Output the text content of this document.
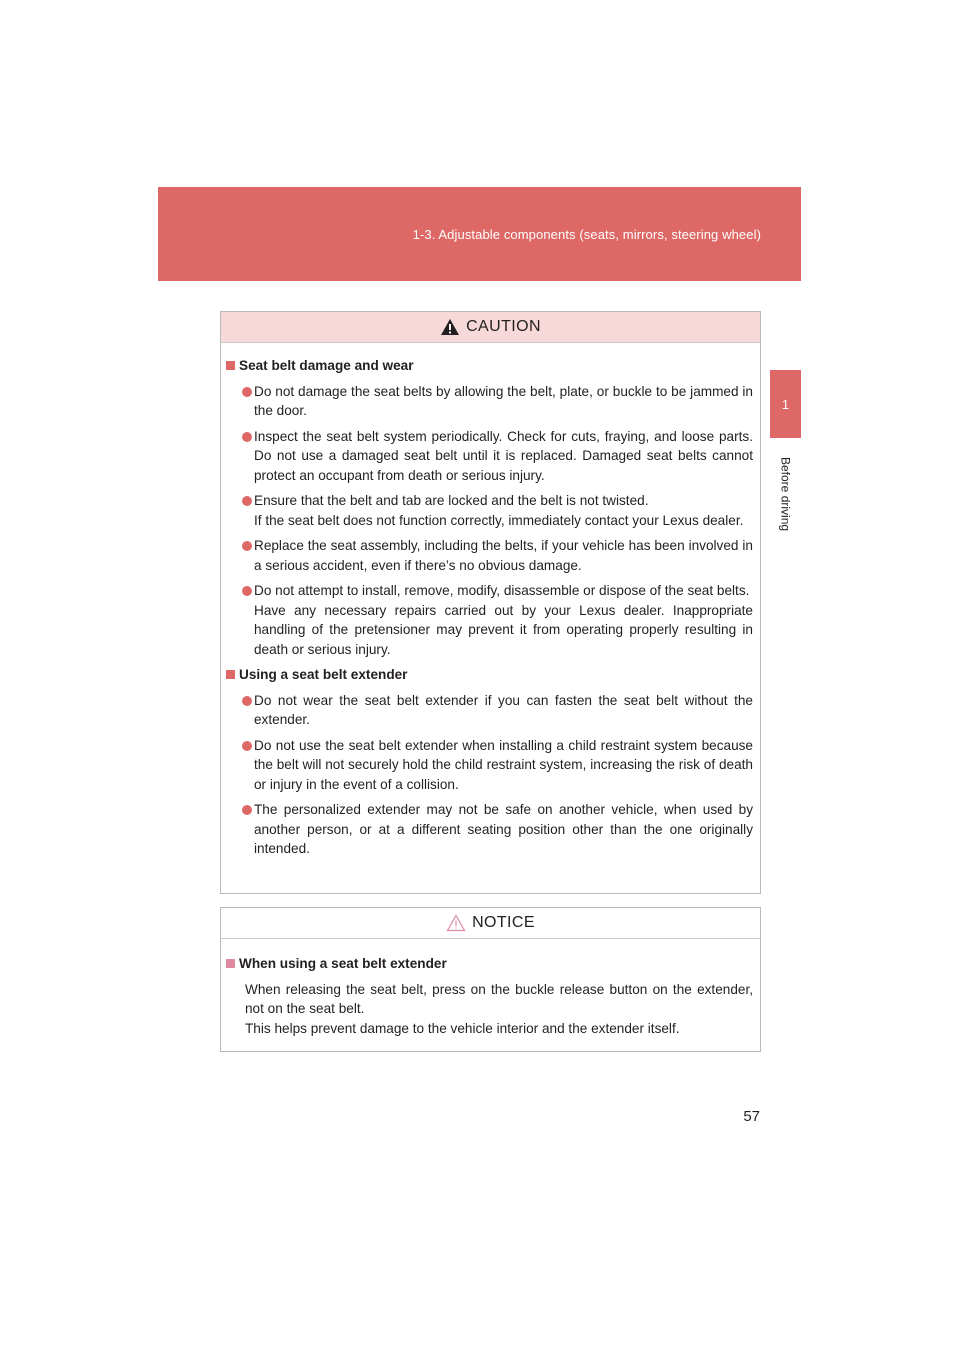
1-3. Adjustable components (seats, mirrors, steering wheel)
1
Before driving
CAUTION
Seat belt damage and wear
Do not damage the seat belts by allowing the belt, plate, or buckle to be jammed in the door.
Inspect the seat belt system periodically. Check for cuts, fraying, and loose parts. Do not use a damaged seat belt until it is replaced. Damaged seat belts cannot protect an occupant from death or serious injury.
Ensure that the belt and tab are locked and the belt is not twisted.
If the seat belt does not function correctly, immediately contact your Lexus dealer.
Replace the seat assembly, including the belts, if your vehicle has been involved in a serious accident, even if there’s no obvious damage.
Do not attempt to install, remove, modify, disassemble or dispose of the seat belts.
Have any necessary repairs carried out by your Lexus dealer. Inappropriate handling of the pretensioner may prevent it from operating properly resulting in death or serious injury.
Using a seat belt extender
Do not wear the seat belt extender if you can fasten the seat belt without the extender.
Do not use the seat belt extender when installing a child restraint system because the belt will not securely hold the child restraint system, increasing the risk of death or injury in the event of a collision.
The personalized extender may not be safe on another vehicle, when used by another person, or at a different seating position other than the one originally intended.
NOTICE
When using a seat belt extender
When releasing the seat belt, press on the buckle release button on the extender, not on the seat belt.
This helps prevent damage to the vehicle interior and the extender itself.
57
